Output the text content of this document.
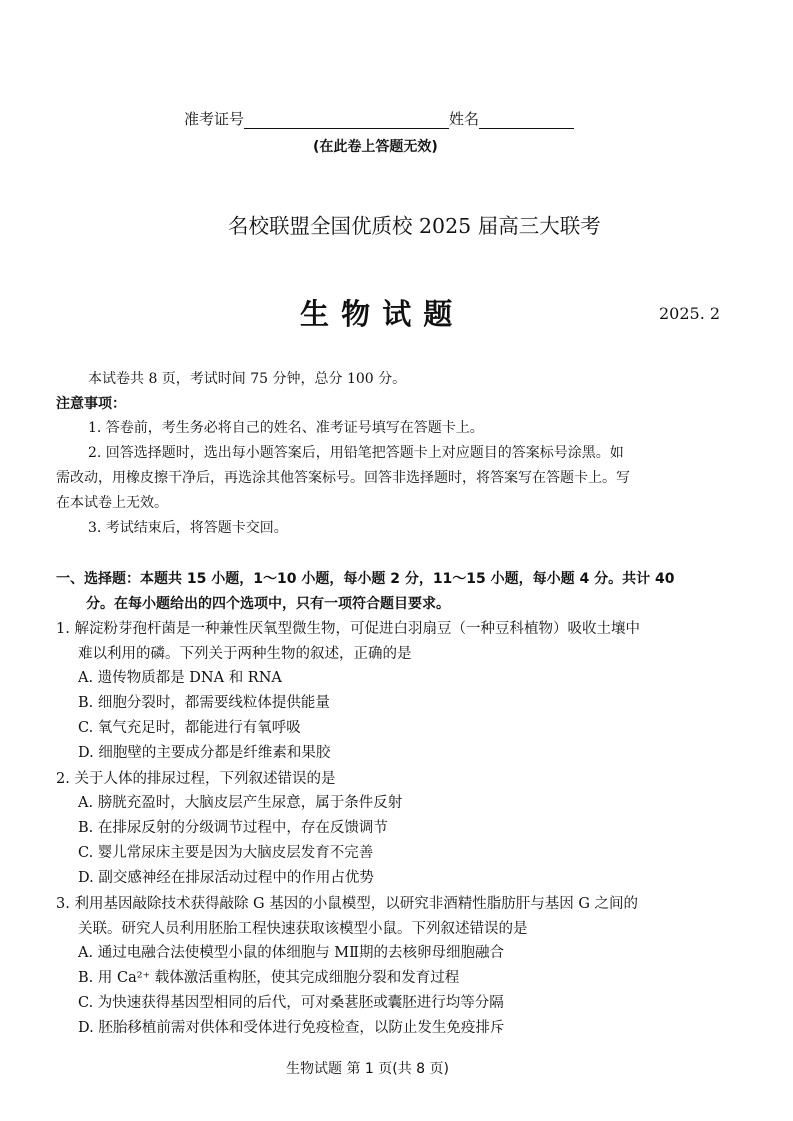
准考证号	姓名
(在此卷上答题无效)
名校联盟全国优质校 2025 届高三大联考
生 物 试 题	2025. 2
本试卷共 8 页，考试时间 75 分钟，总分 100 分。
注意事项：
1. 答卷前，考生务必将自己的姓名、准考证号填写在答题卡上。
2. 回答选择题时，选出每小题答案后，用铅笔把答题卡上对应题目的答案标号涂黑。如
需改动，用橡皮擦干净后，再选涂其他答案标号。回答非选择题时，将答案写在答题卡上。写
在本试卷上无效。
3. 考试结束后，将答题卡交回。
一、选择题：本题共 15 小题，1～10 小题，每小题 2 分，11～15 小题，每小题 4 分。共计 40
分。在每小题给出的四个选项中，只有一项符合题目要求。
1. 解淀粉芽孢杆菌是一种兼性厌氧型微生物，可促进白羽扇豆（一种豆科植物）吸收土壤中
难以利用的磷。下列关于两种生物的叙述，正确的是
A. 遗传物质都是 DNA 和 RNA
B. 细胞分裂时，都需要线粒体提供能量
C. 氧气充足时，都能进行有氧呼吸
D. 细胞壁的主要成分都是纤维素和果胶
2. 关于人体的排尿过程，下列叙述错误的是
A. 膀胱充盈时，大脑皮层产生尿意，属于条件反射
B. 在排尿反射的分级调节过程中，存在反馈调节
C. 婴儿常尿床主要是因为大脑皮层发育不完善
D. 副交感神经在排尿活动过程中的作用占优势
3. 利用基因敲除技术获得敲除 G 基因的小鼠模型，以研究非酒精性脂肪肝与基因 G 之间的
关联。研究人员利用胚胎工程快速获取该模型小鼠。下列叙述错误的是
A. 通过电融合法使模型小鼠的体细胞与 MⅡ期的去核卵母细胞融合
B. 用 Ca²⁺ 载体激活重构胚，使其完成细胞分裂和发育过程
C. 为快速获得基因型相同的后代，可对桑葚胚或囊胚进行均等分隔
D. 胚胎移植前需对供体和受体进行免疫检查，以防止发生免疫排斥
生物试题 第 1 页(共 8 页)
